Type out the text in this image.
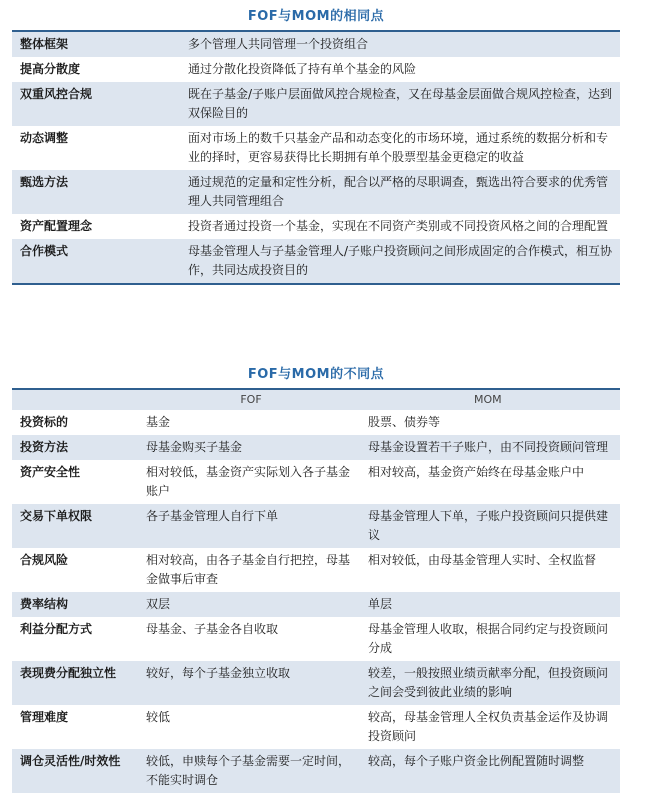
FOF与MOM的相同点
整体框架	多个管理人共同管理一个投资组合
提高分散度	通过分散化投资降低了持有单个基金的风险
双重风控合规	既在子基金/子账户层面做风控合规检查，又在母基金层面做合规风控检查，达到双保险目的
动态调整	面对市场上的数千只基金产品和动态变化的市场环境，通过系统的数据分析和专业的择时，更容易获得比长期拥有单个股票型基金更稳定的收益
甄选方法	通过规范的定量和定性分析，配合以严格的尽职调查，甄选出符合要求的优秀管理人共同管理组合
资产配置理念	投资者通过投资一个基金，实现在不同资产类别或不同投资风格之间的合理配置
合作模式	母基金管理人与子基金管理人/子账户投资顾问之间形成固定的合作模式，相互协作，共同达成投资目的
FOF与MOM的不同点
	FOF	MOM
投资标的	基金	股票、债券等
投资方法	母基金购买子基金	母基金设置若干子账户，由不同投资顾问管理
资产安全性	相对较低，基金资产实际划入各子基金账户	相对较高，基金资产始终在母基金账户中
交易下单权限	各子基金管理人自行下单	母基金管理人下单，子账户投资顾问只提供建议
合规风险	相对较高，由各子基金自行把控，母基金做事后审查	相对较低，由母基金管理人实时、全权监督
费率结构	双层	单层
利益分配方式	母基金、子基金各自收取	母基金管理人收取，根据合同约定与投资顾问分成
表现费分配独立性	较好，每个子基金独立收取	较差，一般按照业绩贡献率分配，但投资顾问之间会受到彼此业绩的影响
管理难度	较低	较高，母基金管理人全权负责基金运作及协调投资顾问
调仓灵活性/时效性	较低，申赎每个子基金需要一定时间，不能实时调仓	较高，每个子账户资金比例配置随时调整
